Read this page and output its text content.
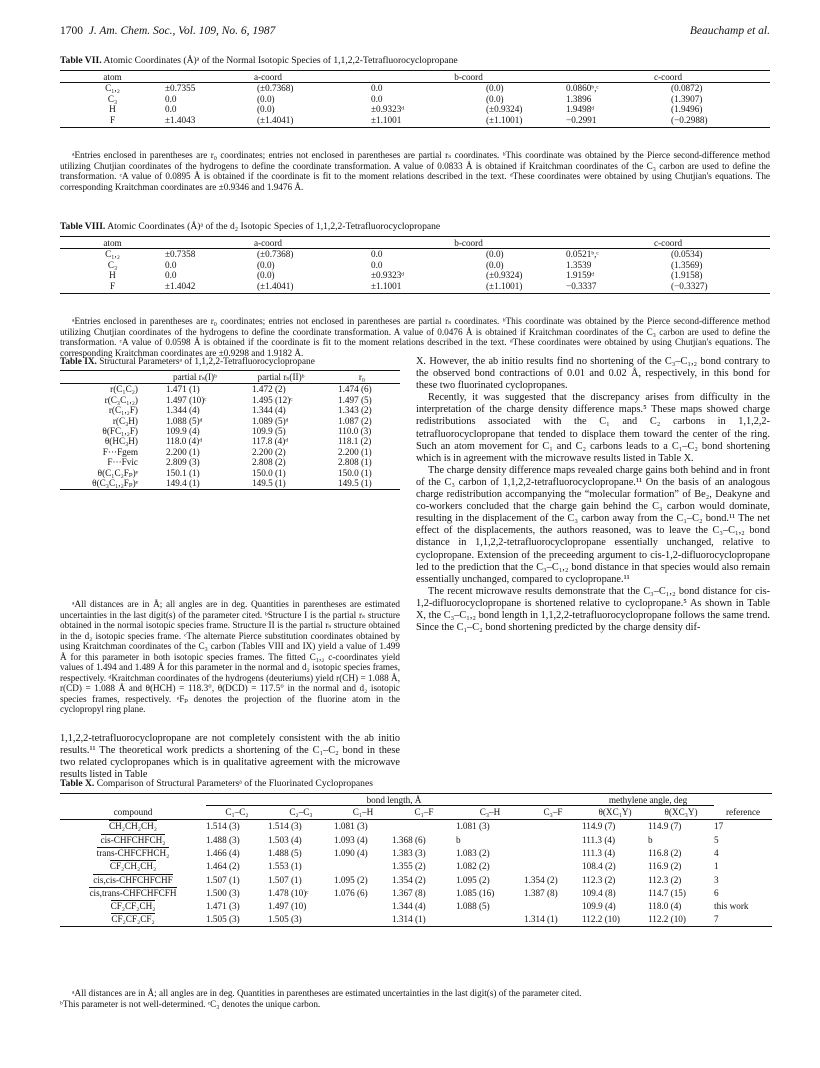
1700 J. Am. Chem. Soc., Vol. 109, No. 6, 1987	Beauchamp et al.
Table VII. Atomic Coordinates (Å)ᵃ of the Normal Isotopic Species of 1,1,2,2-Tetrafluorocyclopropane
atom	a-coord		b-coord		c-coord	
C₁,₂	±0.7355	(±0.7368)	0.0	(0.0)	0.0860ᵇ,ᶜ	(0.0872)
C₃	0.0	(0.0)	0.0	(0.0)	1.3896	(1.3907)
H	0.0	(0.0)	±0.9323ᵈ	(±0.9324)	1.9498ᵈ	(1.9496)
F	±1.4043	(±1.4041)	±1.1001	(±1.1001)	−0.2991	(−0.2988)
ᵃEntries enclosed in parentheses are r₀ coordinates; entries not enclosed in parentheses are partial rₛ coordinates. ᵇThis coordinate was obtained by the Pierce second-difference method utilizing Chutjian coordinates of the hydrogens to define the coordinate transformation. A value of 0.0833 Å is obtained if Kraitchman coordinates of the C₃ carbon are used to define the transformation. ᶜA value of 0.0895 Å is obtained if the coordinate is fit to the moment relations described in the text. ᵈThese coordinates were obtained by using Chutjian's equations. The corresponding Kraitchman coordinates are ±0.9346 and 1.9476 Å.
Table VIII. Atomic Coordinates (Å)ᵃ of the d₂ Isotopic Species of 1,1,2,2-Tetrafluorocyclopropane
atom	a-coord		b-coord		c-coord	
C₁,₂	±0.7358	(±0.7368)	0.0	(0.0)	0.0521ᵇ,ᶜ	(0.0534)
C₃	0.0	(0.0)	0.0	(0.0)	1.3539	(1.3569)
H	0.0	(0.0)	±0.9323ᵈ	(±0.9324)	1.9159ᵈ	(1.9158)
F	±1.4042	(±1.4041)	±1.1001	(±1.1001)	−0.3337	(−0.3327)
ᵃEntries enclosed in parentheses are r₀ coordinates; entries not enclosed in parentheses are partial rₛ coordinates. ᵇThis coordinate was obtained by the Pierce second-difference method utilizing Chutjian coordinates of the hydrogens to define the coordinate transformation. A value of 0.0476 Å is obtained if Kraitchman coordinates of the C₃ carbon are used to define the transformation. ᶜA value of 0.0598 Å is obtained if the coordinate is fit to the moment relations described in the text. ᵈThese coordinates were obtained by using Chutjian's equations. The corresponding Kraitchman coordinates are ±0.9298 and 1.9182 Å.
Table IX. Structural Parametersᵃ of 1,1,2,2-Tetrafluorocyclopropane
	partial rₛ(I)ᵇ	partial rₛ(II)ᵇ	r₀
r(C₁C₂)	1.471 (1)	1.472 (2)	1.474 (6)
r(C₃C₁,₂)	1.497 (10)ᶜ	1.495 (12)ᶜ	1.497 (5)
r(C₁,₂F)	1.344 (4)	1.344 (4)	1.343 (2)
r(C₃H)	1.088 (5)ᵈ	1.089 (5)ᵈ	1.087 (2)
θ(FC₁,₂F)	109.9 (4)	109.9 (5)	110.0 (3)
θ(HC₃H)	118.0 (4)ᵈ	117.8 (4)ᵈ	118.1 (2)
F···Fgem	2.200 (1)	2.200 (2)	2.200 (1)
F···Fvic	2.809 (3)	2.808 (2)	2.808 (1)
θ(C₁C₂Fₚ)ᵉ	150.1 (1)	150.0 (1)	150.0 (1)
θ(C₃C₁,₂Fₚ)ᵉ	149.4 (1)	149.5 (1)	149.5 (1)
ᵃAll distances are in Å; all angles are in deg. Quantities in parentheses are estimated uncertainties in the last digit(s) of the parameter cited. ᵇStructure I is the partial rₛ structure obtained in the normal isotopic species frame. Structure II is the partial rₛ structure obtained in the d₂ isotopic species frame. ᶜThe alternate Pierce substitution coordinates obtained by using Kraitchman coordinates of the C₃ carbon (Tables VIII and IX) yield a value of 1.499 Å for this parameter in both isotopic species frames. The fitted C₁,₂ c-coordinates yield values of 1.494 and 1.489 Å for this parameter in the normal and d₂ isotopic species frames, respectively. ᵈKraitchman coordinates of the hydrogens (deuteriums) yield r(CH) = 1.088 Å, r(CD) = 1.088 Å and θ(HCH) = 118.3°, θ(DCD) = 117.5° in the normal and d₂ isotopic species frames, respectively. ᵉFₚ denotes the projection of the fluorine atom in the cyclopropyl ring plane.

1,1,2,2-tetrafluorocyclopropane are not completely consistent with the ab initio results.¹¹ The theoretical work predicts a shortening of the C₁–C₂ bond in these two related cyclopropanes which is in qualitative agreement with the microwave results listed in Table

X. However, the ab initio results find no shortening of the C₃–C₁,₂ bond contrary to the observed bond contractions of 0.01 and 0.02 Å, respectively, in this bond for these two fluorinated cyclopropanes.

Recently, it was suggested that the discrepancy arises from difficulty in the interpretation of the charge density difference maps.⁵ These maps showed charge redistributions associated with the C₁ and C₂ carbons in 1,1,2,2-tetrafluorocyclopropane that tended to displace them toward the center of the ring. Such an atom movement for C₁ and C₂ carbons leads to a C₁–C₂ bond shortening which is in agreement with the microwave results listed in Table X.

The charge density difference maps revealed charge gains both behind and in front of the C₃ carbon of 1,1,2,2-tetrafluorocyclopropane.¹¹ On the basis of an analogous charge redistribution accompanying the “molecular formation” of Be₂, Deakyne and co-workers concluded that the charge gain behind the C₃ carbon would dominate, resulting in the displacement of the C₃ carbon away from the C₁–C₂ bond.¹¹ The net effect of the displacements, the authors reasoned, was to leave the C₃–C₁,₂ bond distance in 1,1,2,2-tetrafluorocyclopropane essentially unchanged, relative to cyclopropane. Extension of the preceeding argument to cis-1,2-difluorocyclopropane led to the prediction that the C₃–C₁,₂ bond distance in that species would also remain essentially unchanged, compared to cyclopropane.¹¹

The recent microwave results demonstrate that the C₃–C₁,₂ bond distance for cis-1,2-difluorocyclopropane is shortened relative to cyclopropane.⁵ As shown in Table X, the C₃–C₁,₂ bond length in 1,1,2,2-tetrafluorocyclopropane follows the same trend. Since the C₁–C₂ bond shortening predicted by the charge density dif-

Table X. Comparison of Structural Parametersᵃ of the Fluorinated Cyclopropanes
	bond length, Å						methylene angle, deg		
compound	C₁–C₂	C₂–C₃	C₁–H	C₁–F	C₃–H	C₃–F	θ(XC₁Y)	θ(XC₃Y)	reference
CH₂CH₂CH₂	1.514 (3)	1.514 (3)	1.081 (3)		1.081 (3)		114.9 (7)	114.9 (7)	17
cis-CHFCHFCH₂	1.488 (3)	1.503 (4)	1.093 (4)	1.368 (6)	b		111.3 (4)	b	5
trans-CHFCFHCH₂	1.466 (4)	1.488 (5)	1.090 (4)	1.383 (3)	1.083 (2)		111.3 (4)	116.8 (2)	4
CF₂CH₂CH₂	1.464 (2)	1.553 (1)		1.355 (2)	1.082 (2)		108.4 (2)	116.9 (2)	1
cis,cis-CHFCHFCHF	1.507 (1)	1.507 (1)	1.095 (2)	1.354 (2)	1.095 (2)	1.354 (2)	112.3 (2)	112.3 (2)	3
cis,trans-CHFCHFCFH	1.500 (3)	1.478 (10)ᶜ	1.076 (6)	1.367 (8)	1.085 (16)	1.387 (8)	109.4 (8)	114.7 (15)	6
CF₂CF₂CH₂	1.471 (3)	1.497 (10)		1.344 (4)	1.088 (5)		109.9 (4)	118.0 (4)	this work
CF₂CF₂CF₂	1.505 (3)	1.505 (3)		1.314 (1)		1.314 (1)	112.2 (10)	112.2 (10)	7
ᵃAll distances are in Å; all angles are in deg. Quantities in parentheses are estimated uncertainties in the last digit(s) of the parameter cited.
ᵇThis parameter is not well-determined. ᶜC₃ denotes the unique carbon.
